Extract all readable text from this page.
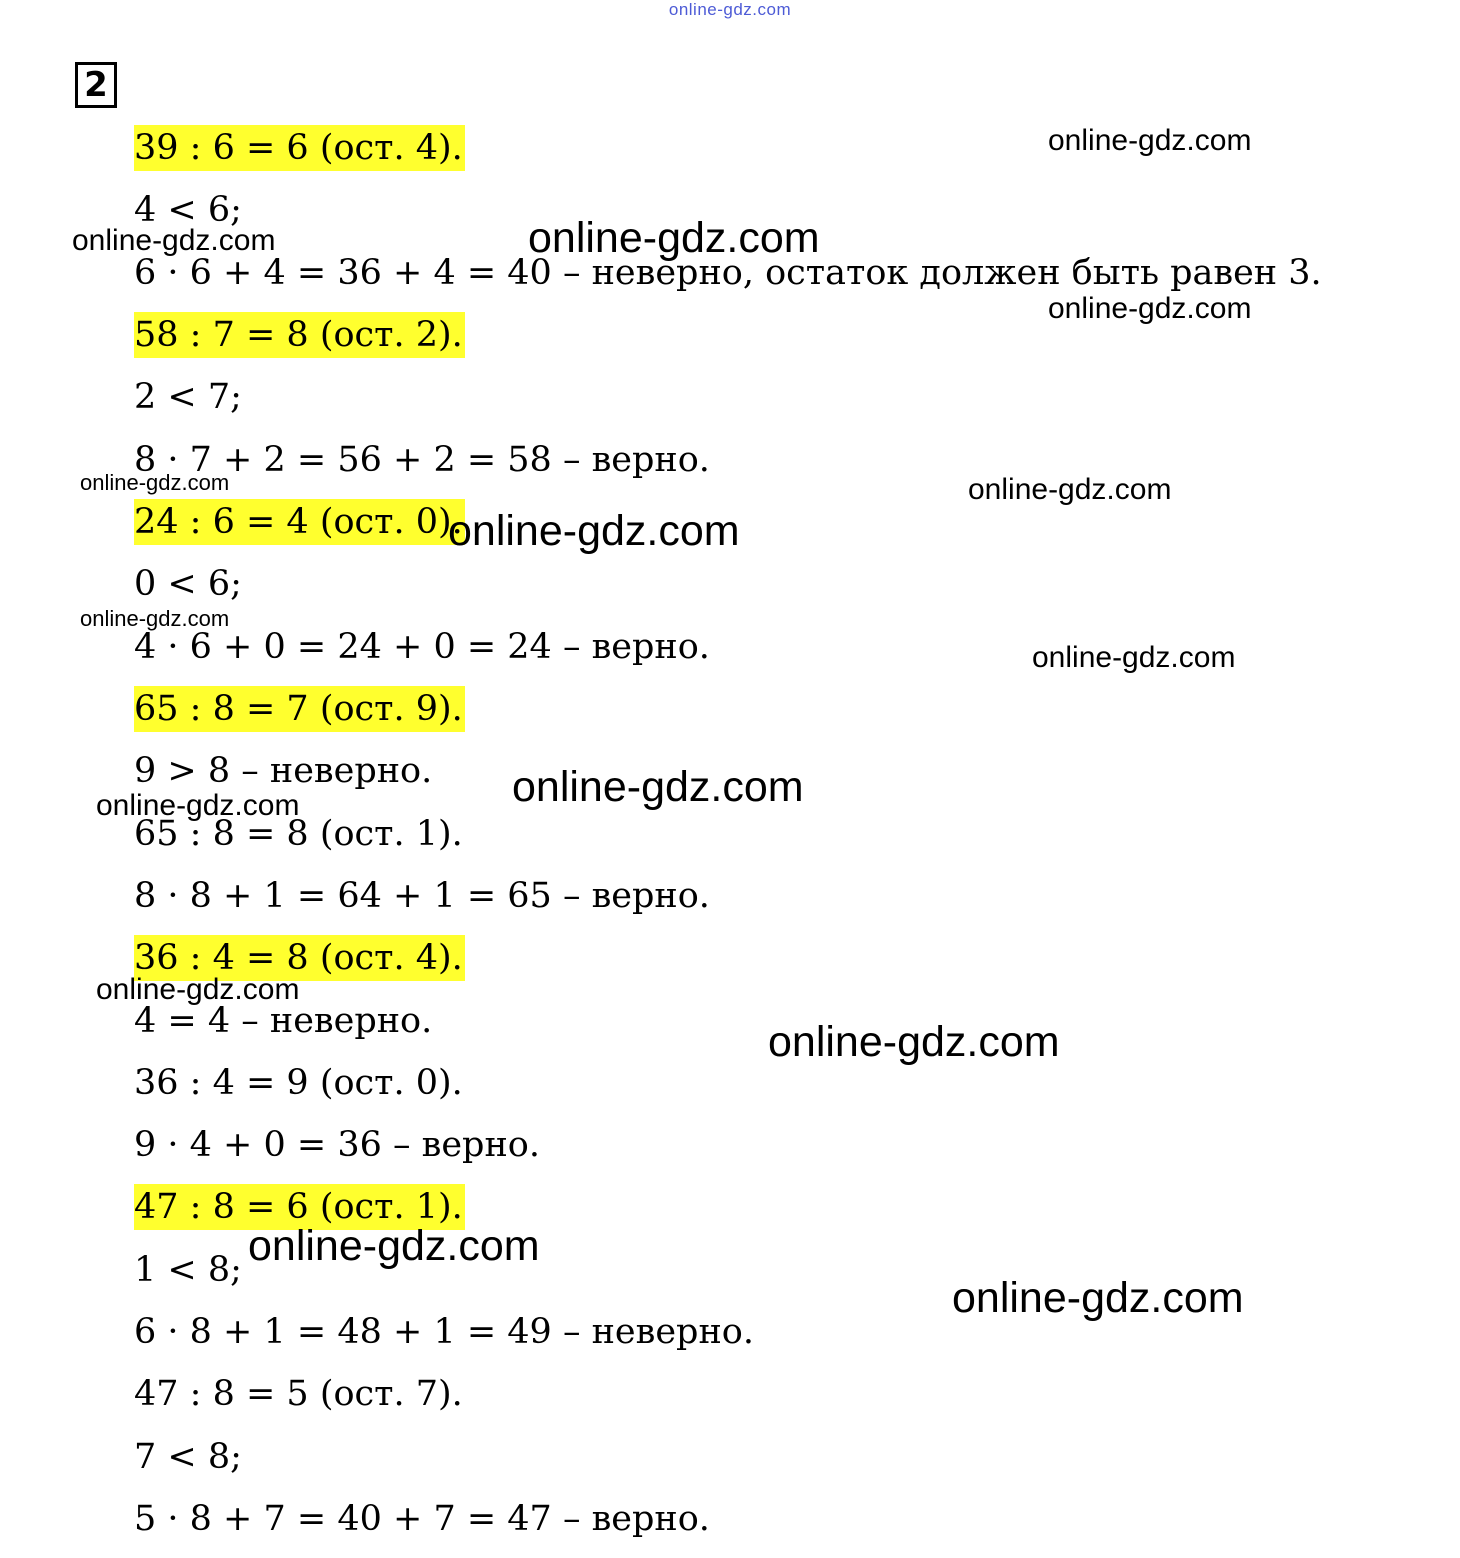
online-gdz.com
2
39 : 6 = 6 (ост. 4).
4 < 6;
6 · 6 + 4 = 36 + 4 = 40 – неверно, остаток должен быть равен 3.
58 : 7 = 8 (ост. 2).
2 < 7;
8 · 7 + 2 = 56 + 2 = 58 – верно.
24 : 6 = 4 (ост. 0).
0 < 6;
4 · 6 + 0 = 24 + 0 = 24 – верно.
65 : 8 = 7 (ост. 9).
9 > 8 – неверно.
65 : 8 = 8 (ост. 1).
8 · 8 + 1 = 64 + 1 = 65 – верно.
36 : 4 = 8 (ост. 4).
4 = 4 – неверно.
36 : 4 = 9 (ост. 0).
9 · 4 + 0 = 36 – верно.
47 : 8 = 6 (ост. 1).
1 < 8;
6 · 8 + 1 = 48 + 1 = 49 – неверно.
47 : 8 = 5 (ост. 7).
7 < 8;
5 · 8 + 7 = 40 + 7 = 47 – верно.
online-gdz.com
online-gdz.com	online-gdz.com
online-gdz.com
online-gdz.com	online-gdz.com
online-gdz.com
online-gdz.com
online-gdz.com
online-gdz.com
online-gdz.com
online-gdz.com
online-gdz.com
online-gdz.com
online-gdz.com
